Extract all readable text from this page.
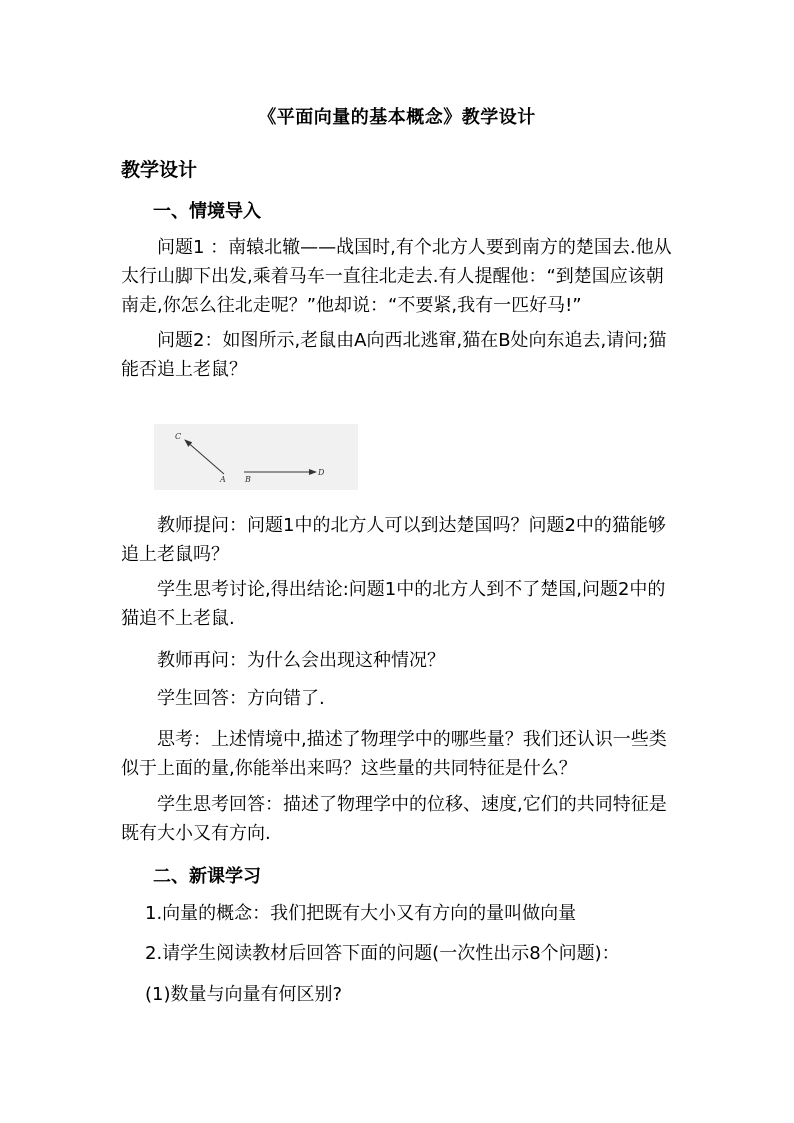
《平面向量的基本概念》教学设计
教学设计
一、情境导入

问题1 ：南辕北辙——战国时,有个北方人要到南方的楚国去.他从太行山脚下出发,乘着马车一直往北走去.有人提醒他：“到楚国应该朝南走,你怎么往北走呢？”他却说：“不要紧,我有一匹好马!”

问题2：如图所示,老鼠由A向西北逃窜,猫在B处向东追去,请问;猫能否追上老鼠？

C
A B
D

教师提问：问题1中的北方人可以到达楚国吗？问题2中的猫能够追上老鼠吗？

学生思考讨论,得出结论:问题1中的北方人到不了楚国,问题2中的猫追不上老鼠.

教师再问：为什么会出现这种情况？
学生回答：方向错了.

思考：上述情境中,描述了物理学中的哪些量？我们还认识一些类似于上面的量,你能举出来吗？这些量的共同特征是什么？

学生思考回答：描述了物理学中的位移、速度,它们的共同特征是既有大小又有方向.

二、新课学习
1.向量的概念：我们把既有大小又有方向的量叫做向量
2.请学生阅读教材后回答下面的问题(一次性出示8个问题)：
(1)数量与向量有何区别?
